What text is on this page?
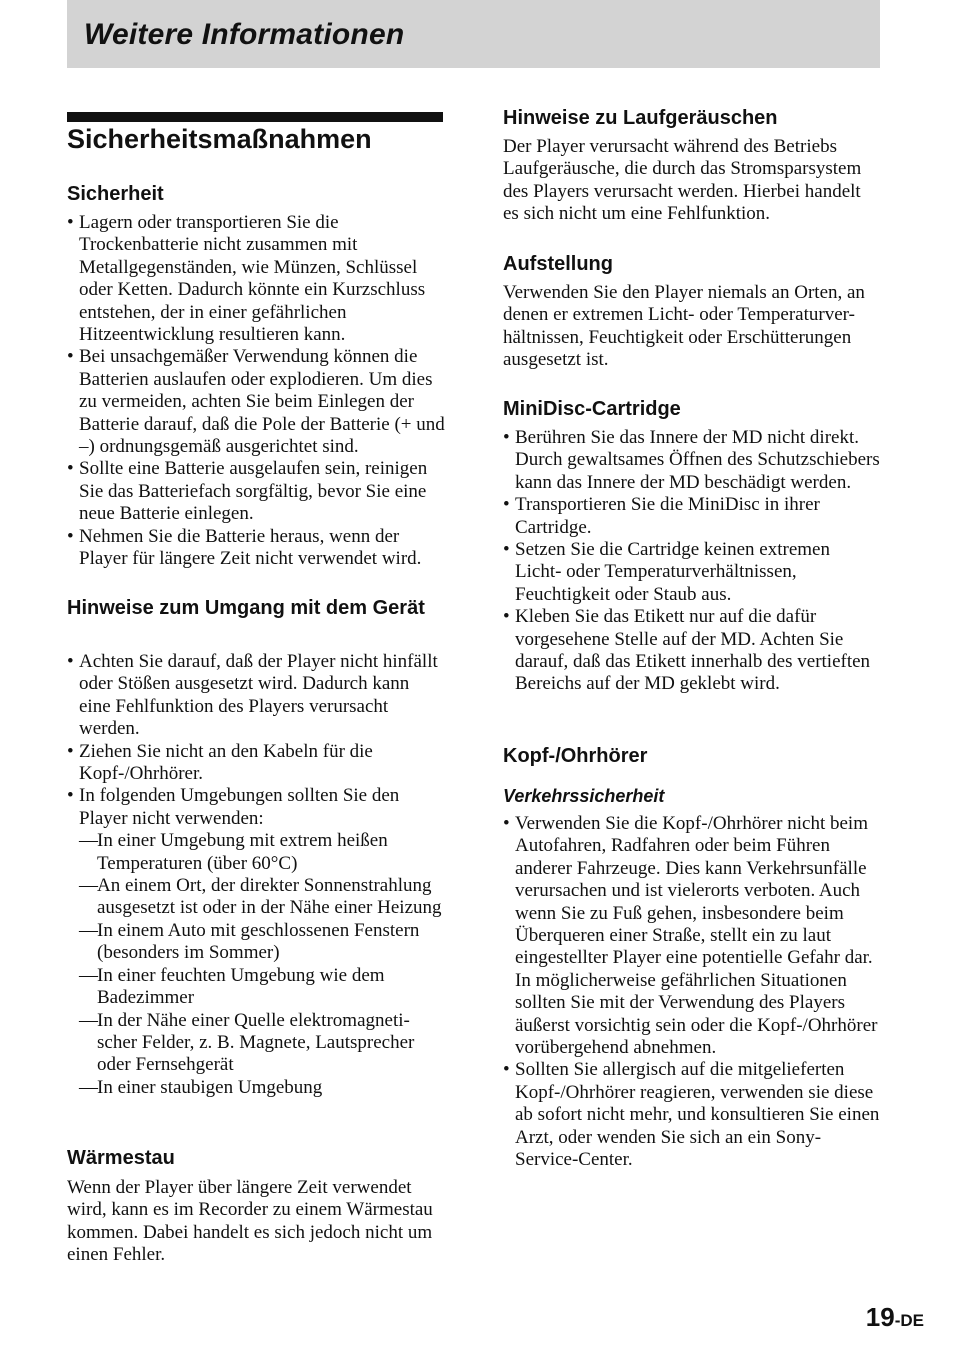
Weitere Informationen
Sicherheitsmaßnahmen
Sicherheit
• Lagern oder transportieren Sie die Trockenbatterie nicht zusammen mit Metallgegenständen, wie Münzen, Schlüssel oder Ketten. Dadurch könnte ein Kurzschluss entstehen, der in einer gefährlichen Hitzeentwicklung resultieren kann.
• Bei unsachgemäßer Verwendung können die Batterien auslaufen oder explodieren. Um dies zu vermeiden, achten Sie beim Einlegen der Batterie darauf, daß die Pole der Batterie (+ und –) ordnungsgemäß ausgerichtet sind.
• Sollte eine Batterie ausgelaufen sein, reinigen Sie das Batteriefach sorgfältig, bevor Sie eine neue Batterie einlegen.
• Nehmen Sie die Batterie heraus, wenn der Player für längere Zeit nicht verwendet wird.
Hinweise zum Umgang mit dem Gerät
• Achten Sie darauf, daß der Player nicht hinfällt oder Stößen ausgesetzt wird. Dadurch kann eine Fehlfunktion des Players verursacht werden.
• Ziehen Sie nicht an den Kabeln für die Kopf-/Ohrhörer.
• In folgenden Umgebungen sollten Sie den Player nicht verwenden:
— In einer Umgebung mit extrem heißen Temperaturen (über 60°C)
— An einem Ort, der direkter Sonnenstrahlung ausgesetzt ist oder in der Nähe einer Heizung
— In einem Auto mit geschlossenen Fenstern (besonders im Sommer)
— In einer feuchten Umgebung wie dem Badezimmer
— In der Nähe einer Quelle elektromagneti-scher Felder, z. B. Magnete, Lautsprecher oder Fernsehgerät
— In einer staubigen Umgebung
Wärmestau
Wenn der Player über längere Zeit verwendet wird, kann es im Recorder zu einem Wärmestau kommen. Dabei handelt es sich jedoch nicht um einen Fehler.
Hinweise zu Laufgeräuschen
Der Player verursacht während des Betriebs Laufgeräusche, die durch das Stromsparsystem des Players verursacht werden. Hierbei handelt es sich nicht um eine Fehlfunktion.
Aufstellung
Verwenden Sie den Player niemals an Orten, an denen er extremen Licht- oder Temperaturver-hältnissen, Feuchtigkeit oder Erschütterungen ausgesetzt ist.
MiniDisc-Cartridge
• Berühren Sie das Innere der MD nicht direkt. Durch gewaltsames Öffnen des Schutzschiebers kann das Innere der MD beschädigt werden.
• Transportieren Sie die MiniDisc in ihrer Cartridge.
• Setzen Sie die Cartridge keinen extremen Licht- oder Temperaturverhältnissen, Feuchtigkeit oder Staub aus.
• Kleben Sie das Etikett nur auf die dafür vorgesehene Stelle auf der MD. Achten Sie darauf, daß das Etikett innerhalb des vertieften Bereichs auf der MD geklebt wird.
Kopf-/Ohrhörer
Verkehrssicherheit
• Verwenden Sie die Kopf-/Ohrhörer nicht beim Autofahren, Radfahren oder beim Führen anderer Fahrzeuge. Dies kann Verkehrsunfälle verursachen und ist vielerorts verboten. Auch wenn Sie zu Fuß gehen, insbesondere beim Überqueren einer Straße, stellt ein zu laut eingestellter Player eine potentielle Gefahr dar. In möglicherweise gefährlichen Situationen sollten Sie mit der Verwendung des Players äußerst vorsichtig sein oder die Kopf-/Ohrhörer vorübergehend abnehmen.
• Sollten Sie allergisch auf die mitgelieferten Kopf-/Ohrhörer reagieren, verwenden sie diese ab sofort nicht mehr, und konsultieren Sie einen Arzt, oder wenden Sie sich an ein Sony-Service-Center.
19-DE
